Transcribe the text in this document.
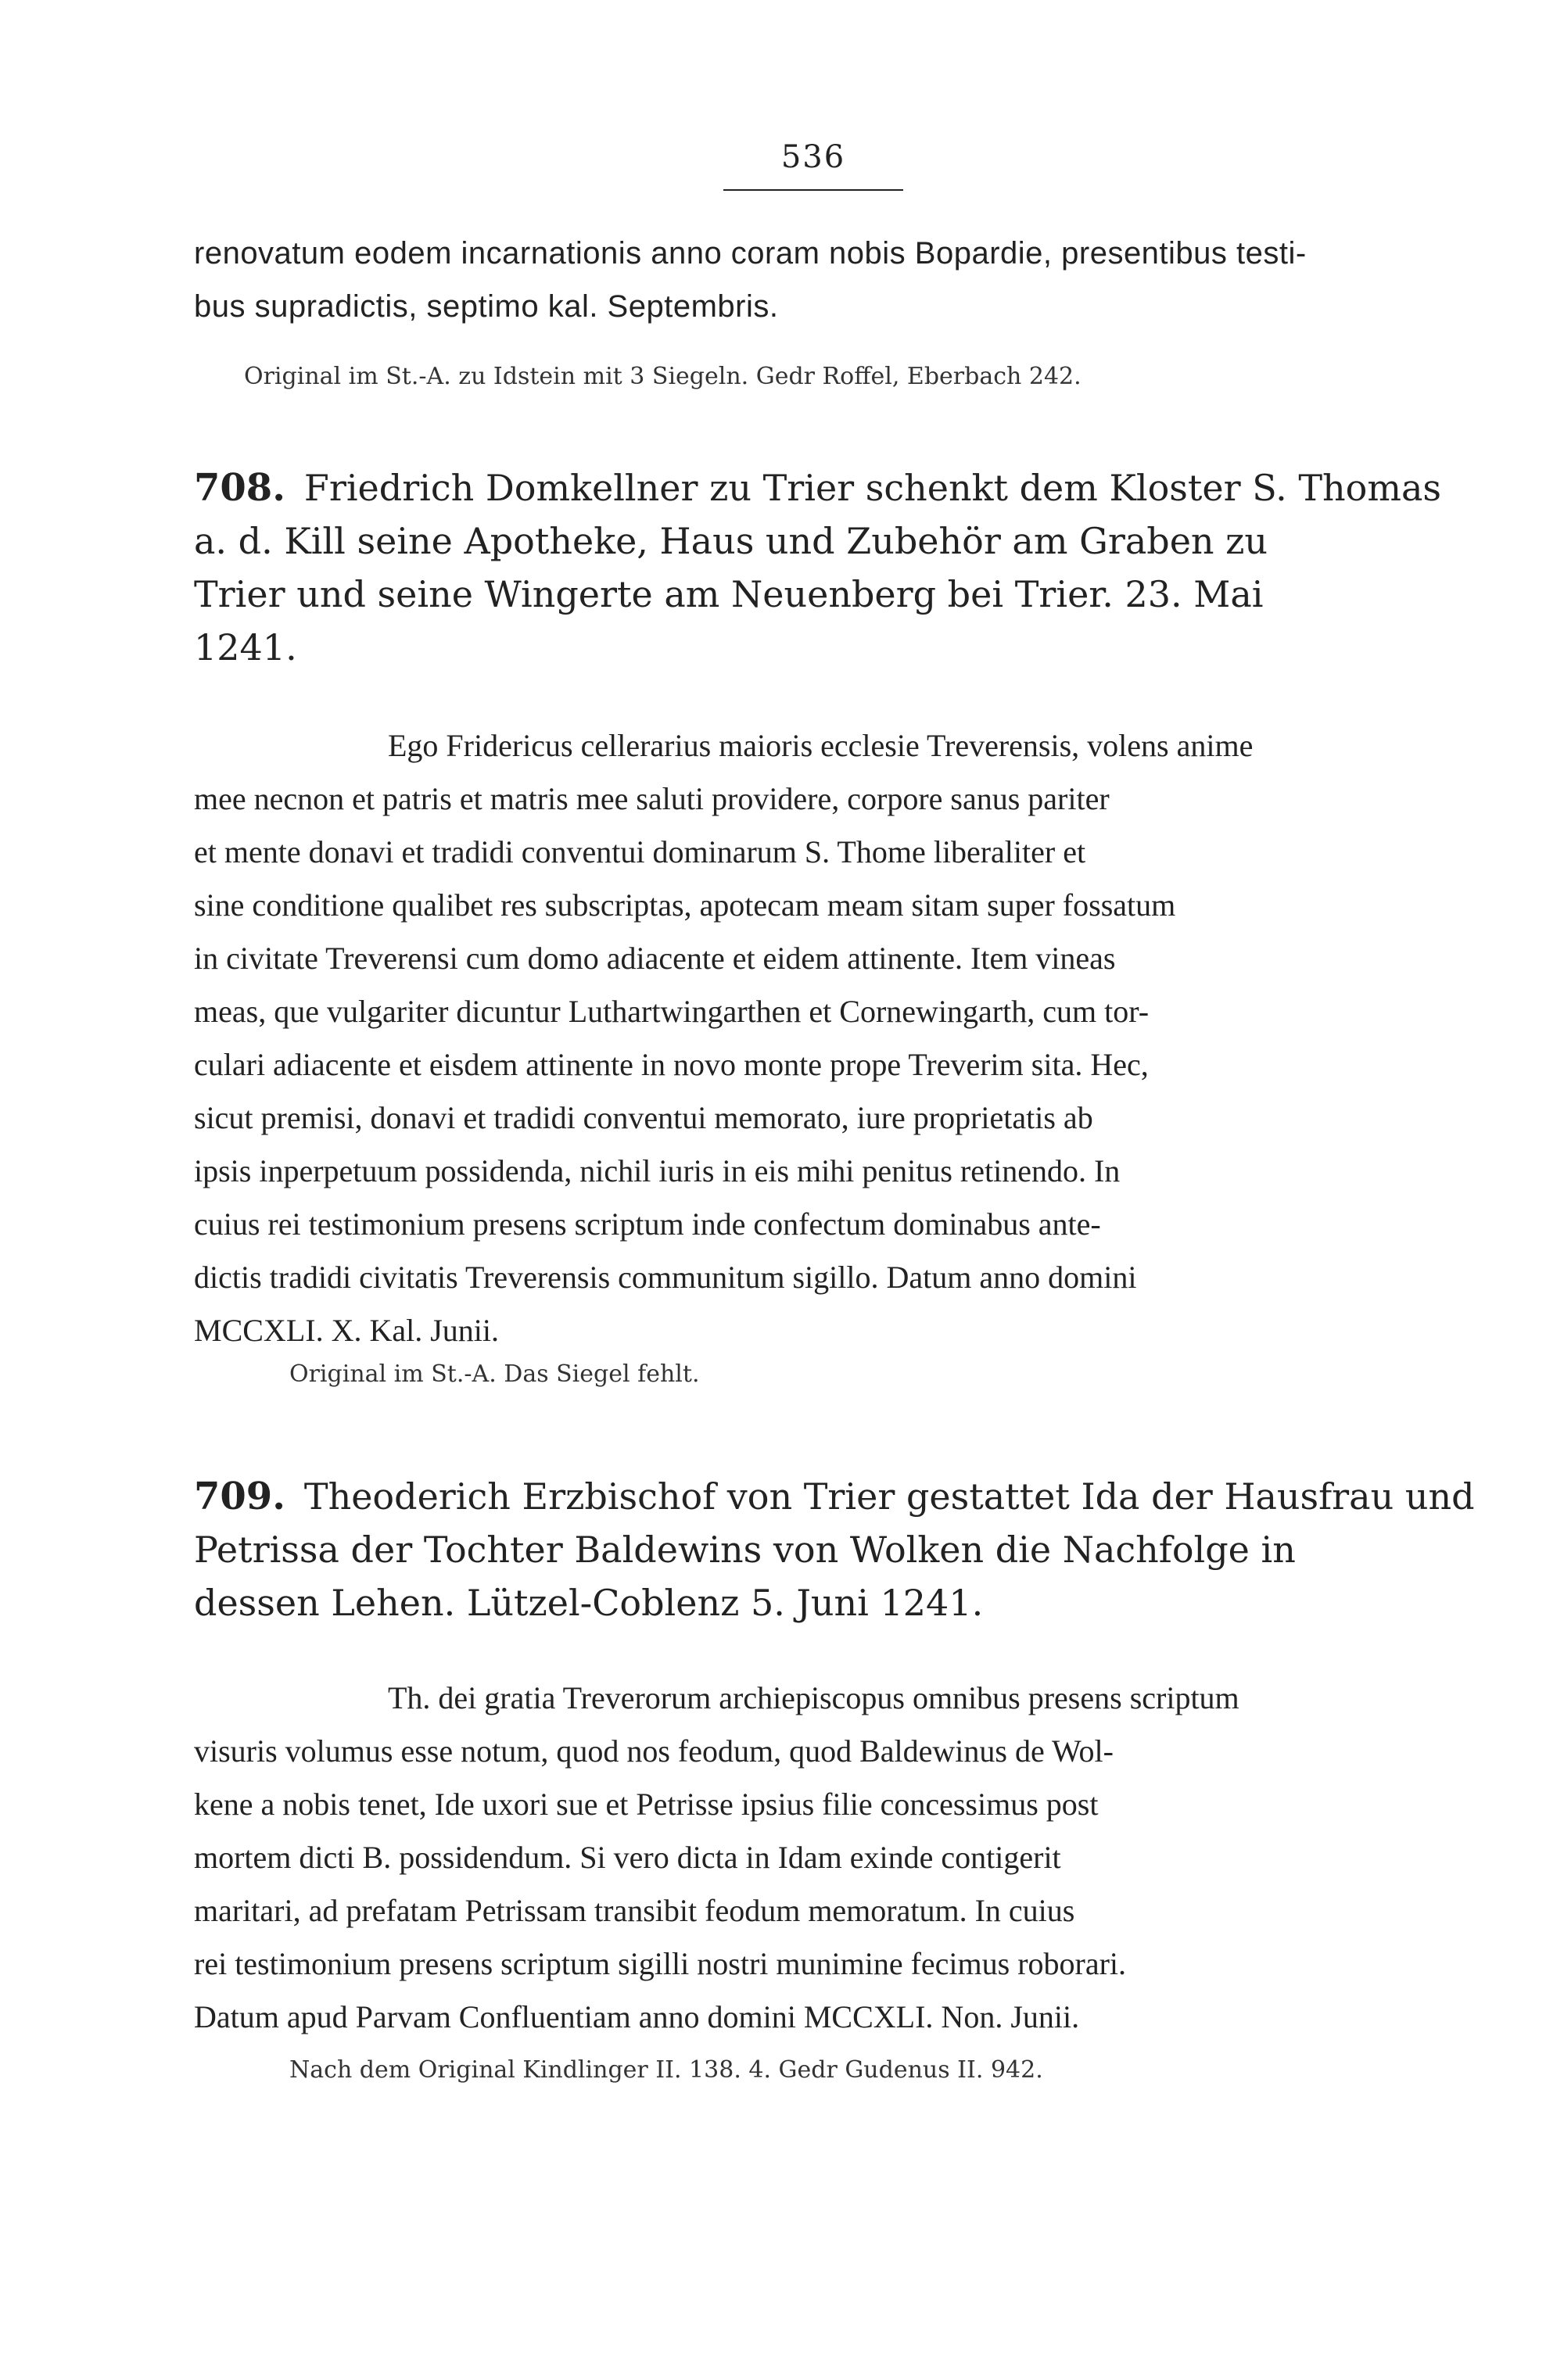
536

renovatum eodem incarnationis anno coram nobis Bopardie, presentibus testi-

bus supradictis, septimo kal. Septembris.

Original im St.-A. zu Idstein mit 3 Siegeln. Gedr Roffel, Eberbach 242.

708. Friedrich Domkellner zu Trier schenkt dem Kloster S. Thomas

a. d. Kill seine Apotheke, Haus und Zubehör am Graben zu

Trier und seine Wingerte am Neuenberg bei Trier. 23. Mai

1241.

Ego Fridericus cellerarius maioris ecclesie Treverensis, volens anime

mee necnon et patris et matris mee saluti providere, corpore sanus pariter

et mente donavi et tradidi conventui dominarum S. Thome liberaliter et

sine conditione qualibet res subscriptas, apotecam meam sitam super fossatum

in civitate Treverensi cum domo adiacente et eidem attinente. Item vineas

meas, que vulgariter dicuntur Luthartwingarthen et Cornewingarth, cum tor-

culari adiacente et eisdem attinente in novo monte prope Treverim sita. Hec,

sicut premisi, donavi et tradidi conventui memorato, iure proprietatis ab

ipsis inperpetuum possidenda, nichil iuris in eis mihi penitus retinendo. In

cuius rei testimonium presens scriptum inde confectum dominabus ante-

dictis tradidi civitatis Treverensis communitum sigillo. Datum anno domini

MCCXLI. X. Kal. Junii.

Original im St.-A. Das Siegel fehlt.

709. Theoderich Erzbischof von Trier gestattet Ida der Hausfrau und

Petrissa der Tochter Baldewins von Wolken die Nachfolge in

dessen Lehen. Lützel-Coblenz 5. Juni 1241.

Th. dei gratia Treverorum archiepiscopus omnibus presens scriptum

visuris volumus esse notum, quod nos feodum, quod Baldewinus de Wol-

kene a nobis tenet, Ide uxori sue et Petrisse ipsius filie concessimus post

mortem dicti B. possidendum. Si vero dicta in Idam exinde contigerit

maritari, ad prefatam Petrissam transibit feodum memoratum. In cuius

rei testimonium presens scriptum sigilli nostri munimine fecimus roborari.

Datum apud Parvam Confluentiam anno domini MCCXLI. Non. Junii.

Nach dem Original Kindlinger II. 138. 4. Gedr Gudenus II. 942.
